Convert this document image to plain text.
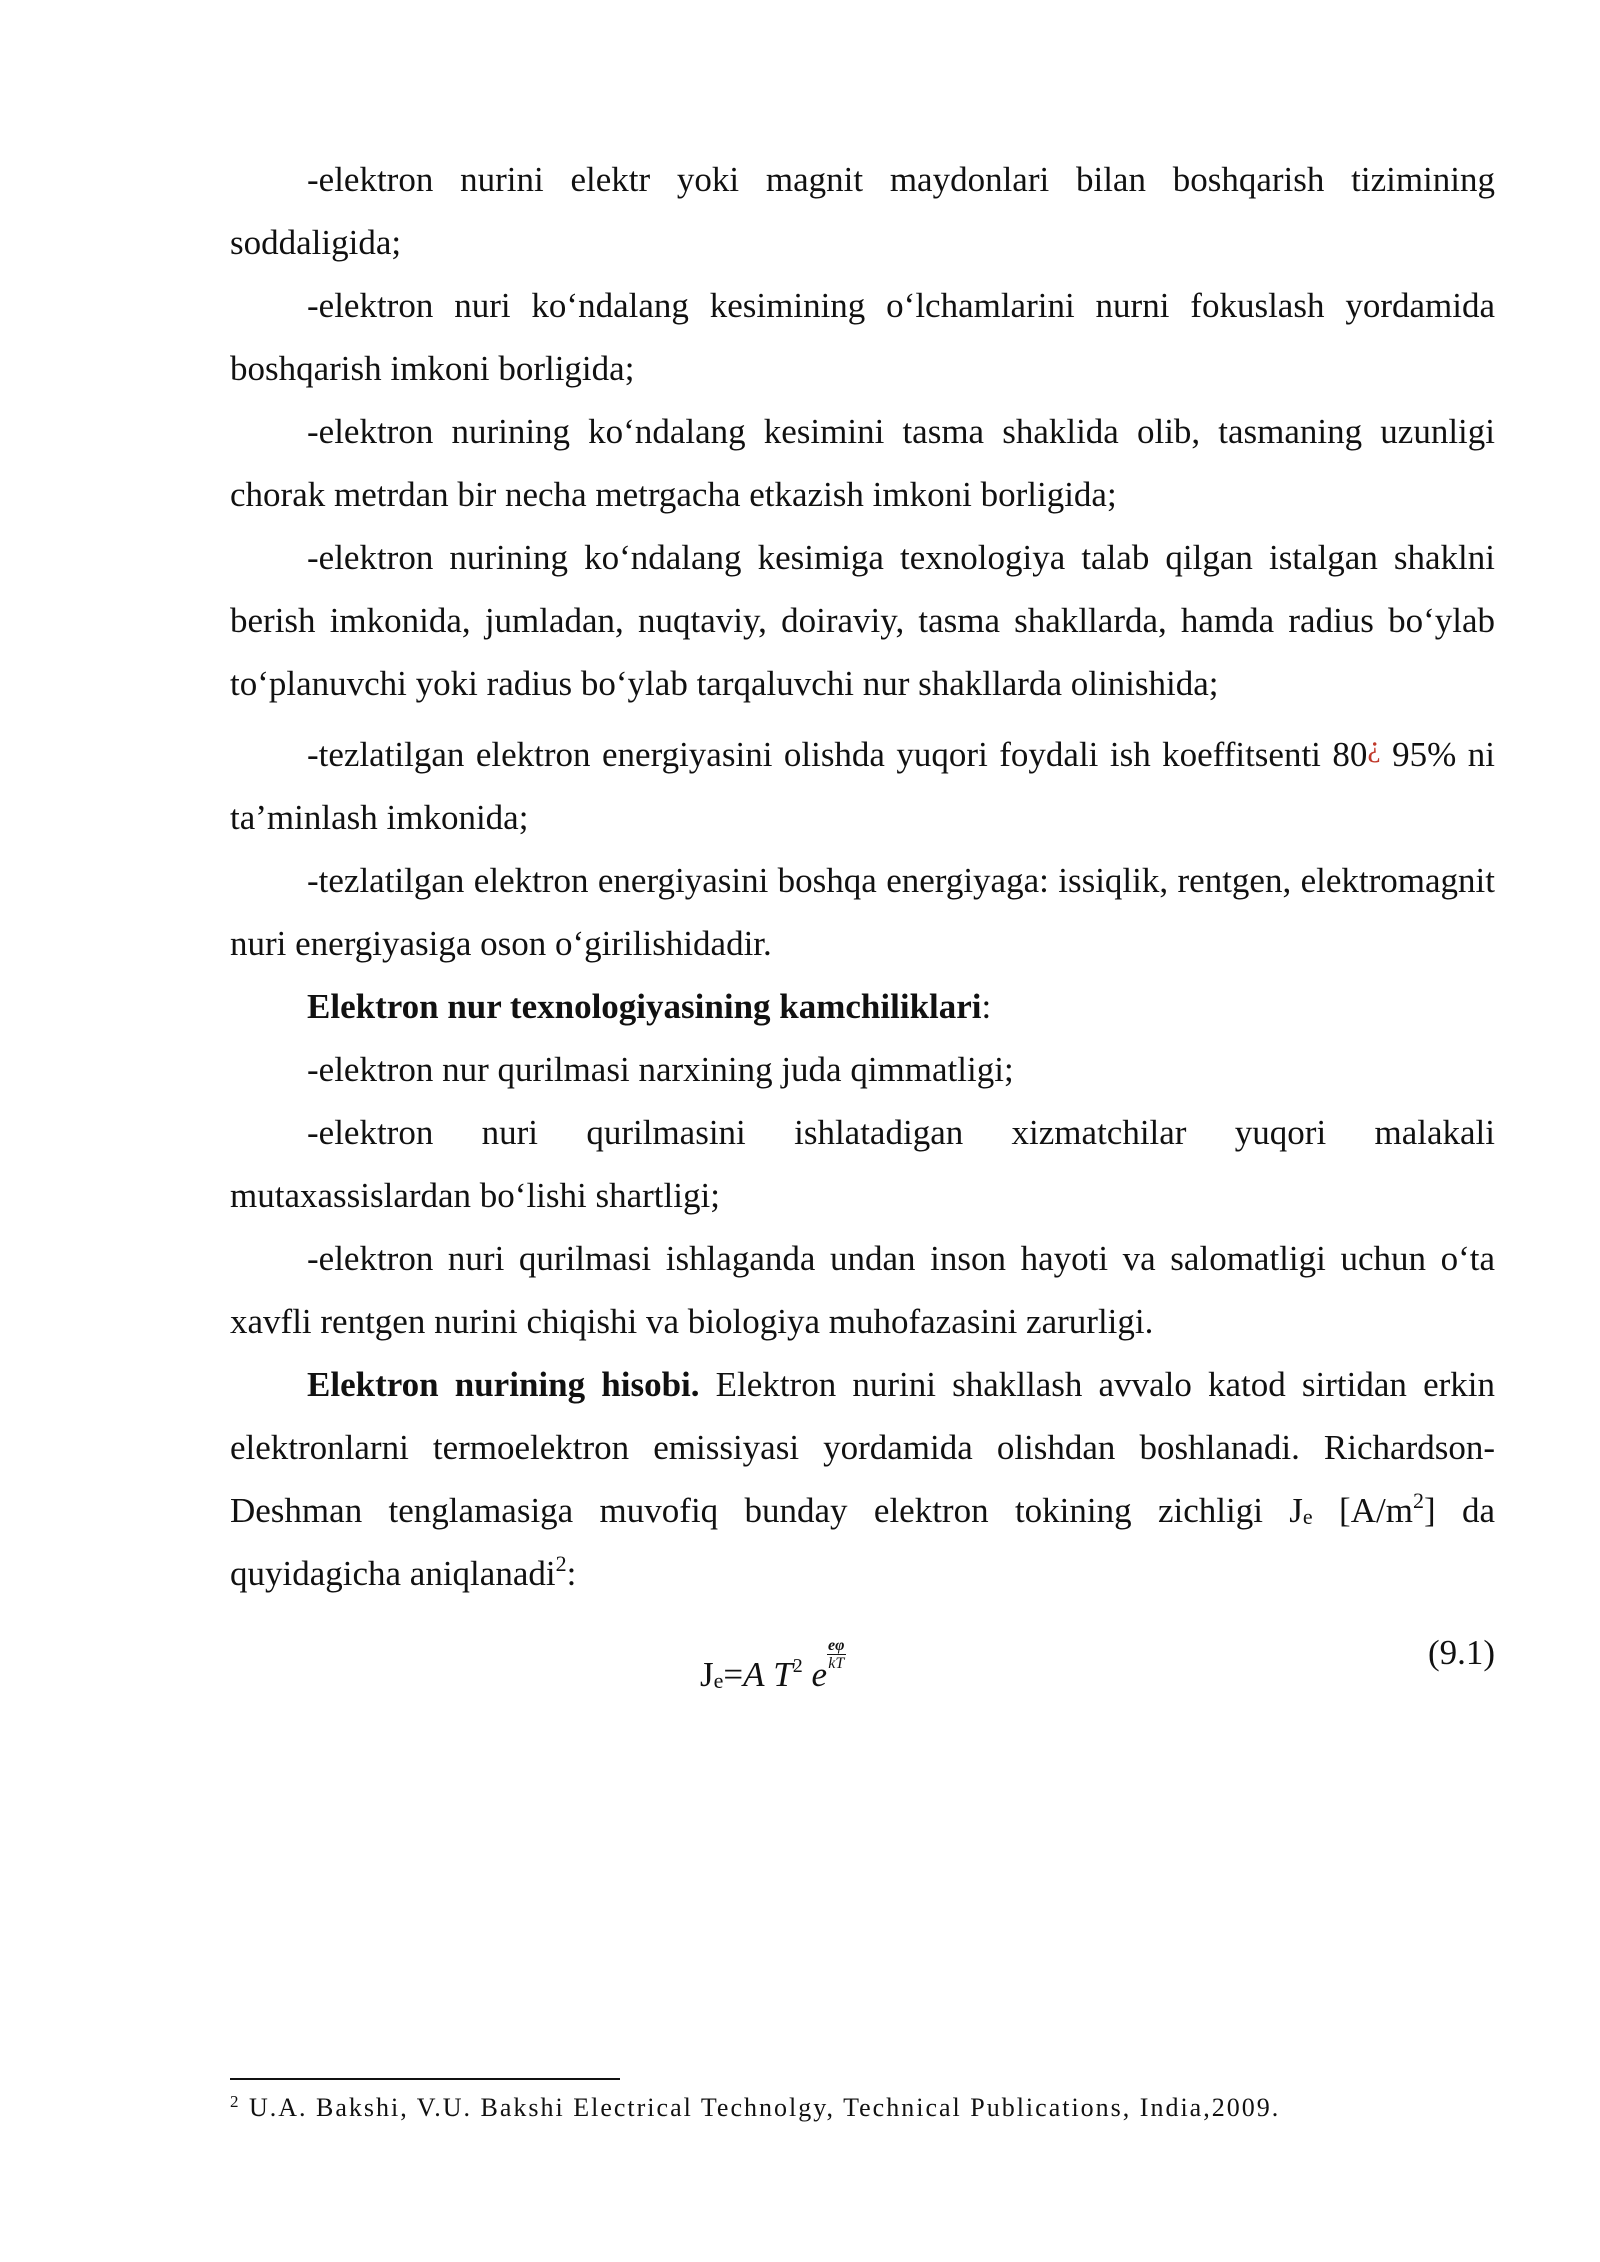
-elektron nurini elektr yoki magnit maydonlari bilan boshqarish tizimining soddaligida;

-elektron nuri ko‘ndalang kesimining o‘lchamlarini nurni fokuslash yordamida boshqarish imkoni borligida;

-elektron nurining ko‘ndalang kesimini tasma shaklida olib, tasmaning uzunligi chorak metrdan bir necha metrgacha etkazish imkoni borligida;

-elektron nurining ko‘ndalang kesimiga texnologiya talab qilgan istalgan shaklni berish imkonida, jumladan, nuqtaviy, doiraviy, tasma shakllarda, hamda radius bo‘ylab to‘planuvchi yoki radius bo‘ylab tarqaluvchi nur shakllarda olinishida;

-tezlatilgan elektron energiyasini olishda yuqori foydali ish koeffitsenti 80¿ 95% ni ta’minlash imkonida;

-tezlatilgan elektron energiyasini boshqa energiyaga: issiqlik, rentgen, elektromagnit nuri energiyasiga oson o‘girilishidadir.

Elektron nur texnologiyasining kamchiliklari:

-elektron nur qurilmasi narxining juda qimmatligi;

-elektron nuri qurilmasini ishlatadigan xizmatchilar yuqori malakali mutaxassislardan bo‘lishi shartligi;

-elektron nuri qurilmasi ishlaganda undan inson hayoti va salomatligi uchun o‘ta xavfli rentgen nurini chiqishi va biologiya muhofazasini zarurligi.

Elektron nurining hisobi. Elektron nurini shakllash avvalo katod sirtidan erkin elektronlarni termoelektron emissiyasi yordamida olishdan boshlanadi. Richardson-Deshman tenglamasiga muvofiq bunday elektron tokining zichligi $J_e$ [A/m$^2$] da quyidagicha aniqlanadi$^2$:

$J_e=A$ $T^2$ e
$\frac{e\varphi}{kT}$	(9.1)
$^2$ U.A. Bakshi, V.U. Bakshi Electrical Technolgy, Technical Publications, India,2009.
